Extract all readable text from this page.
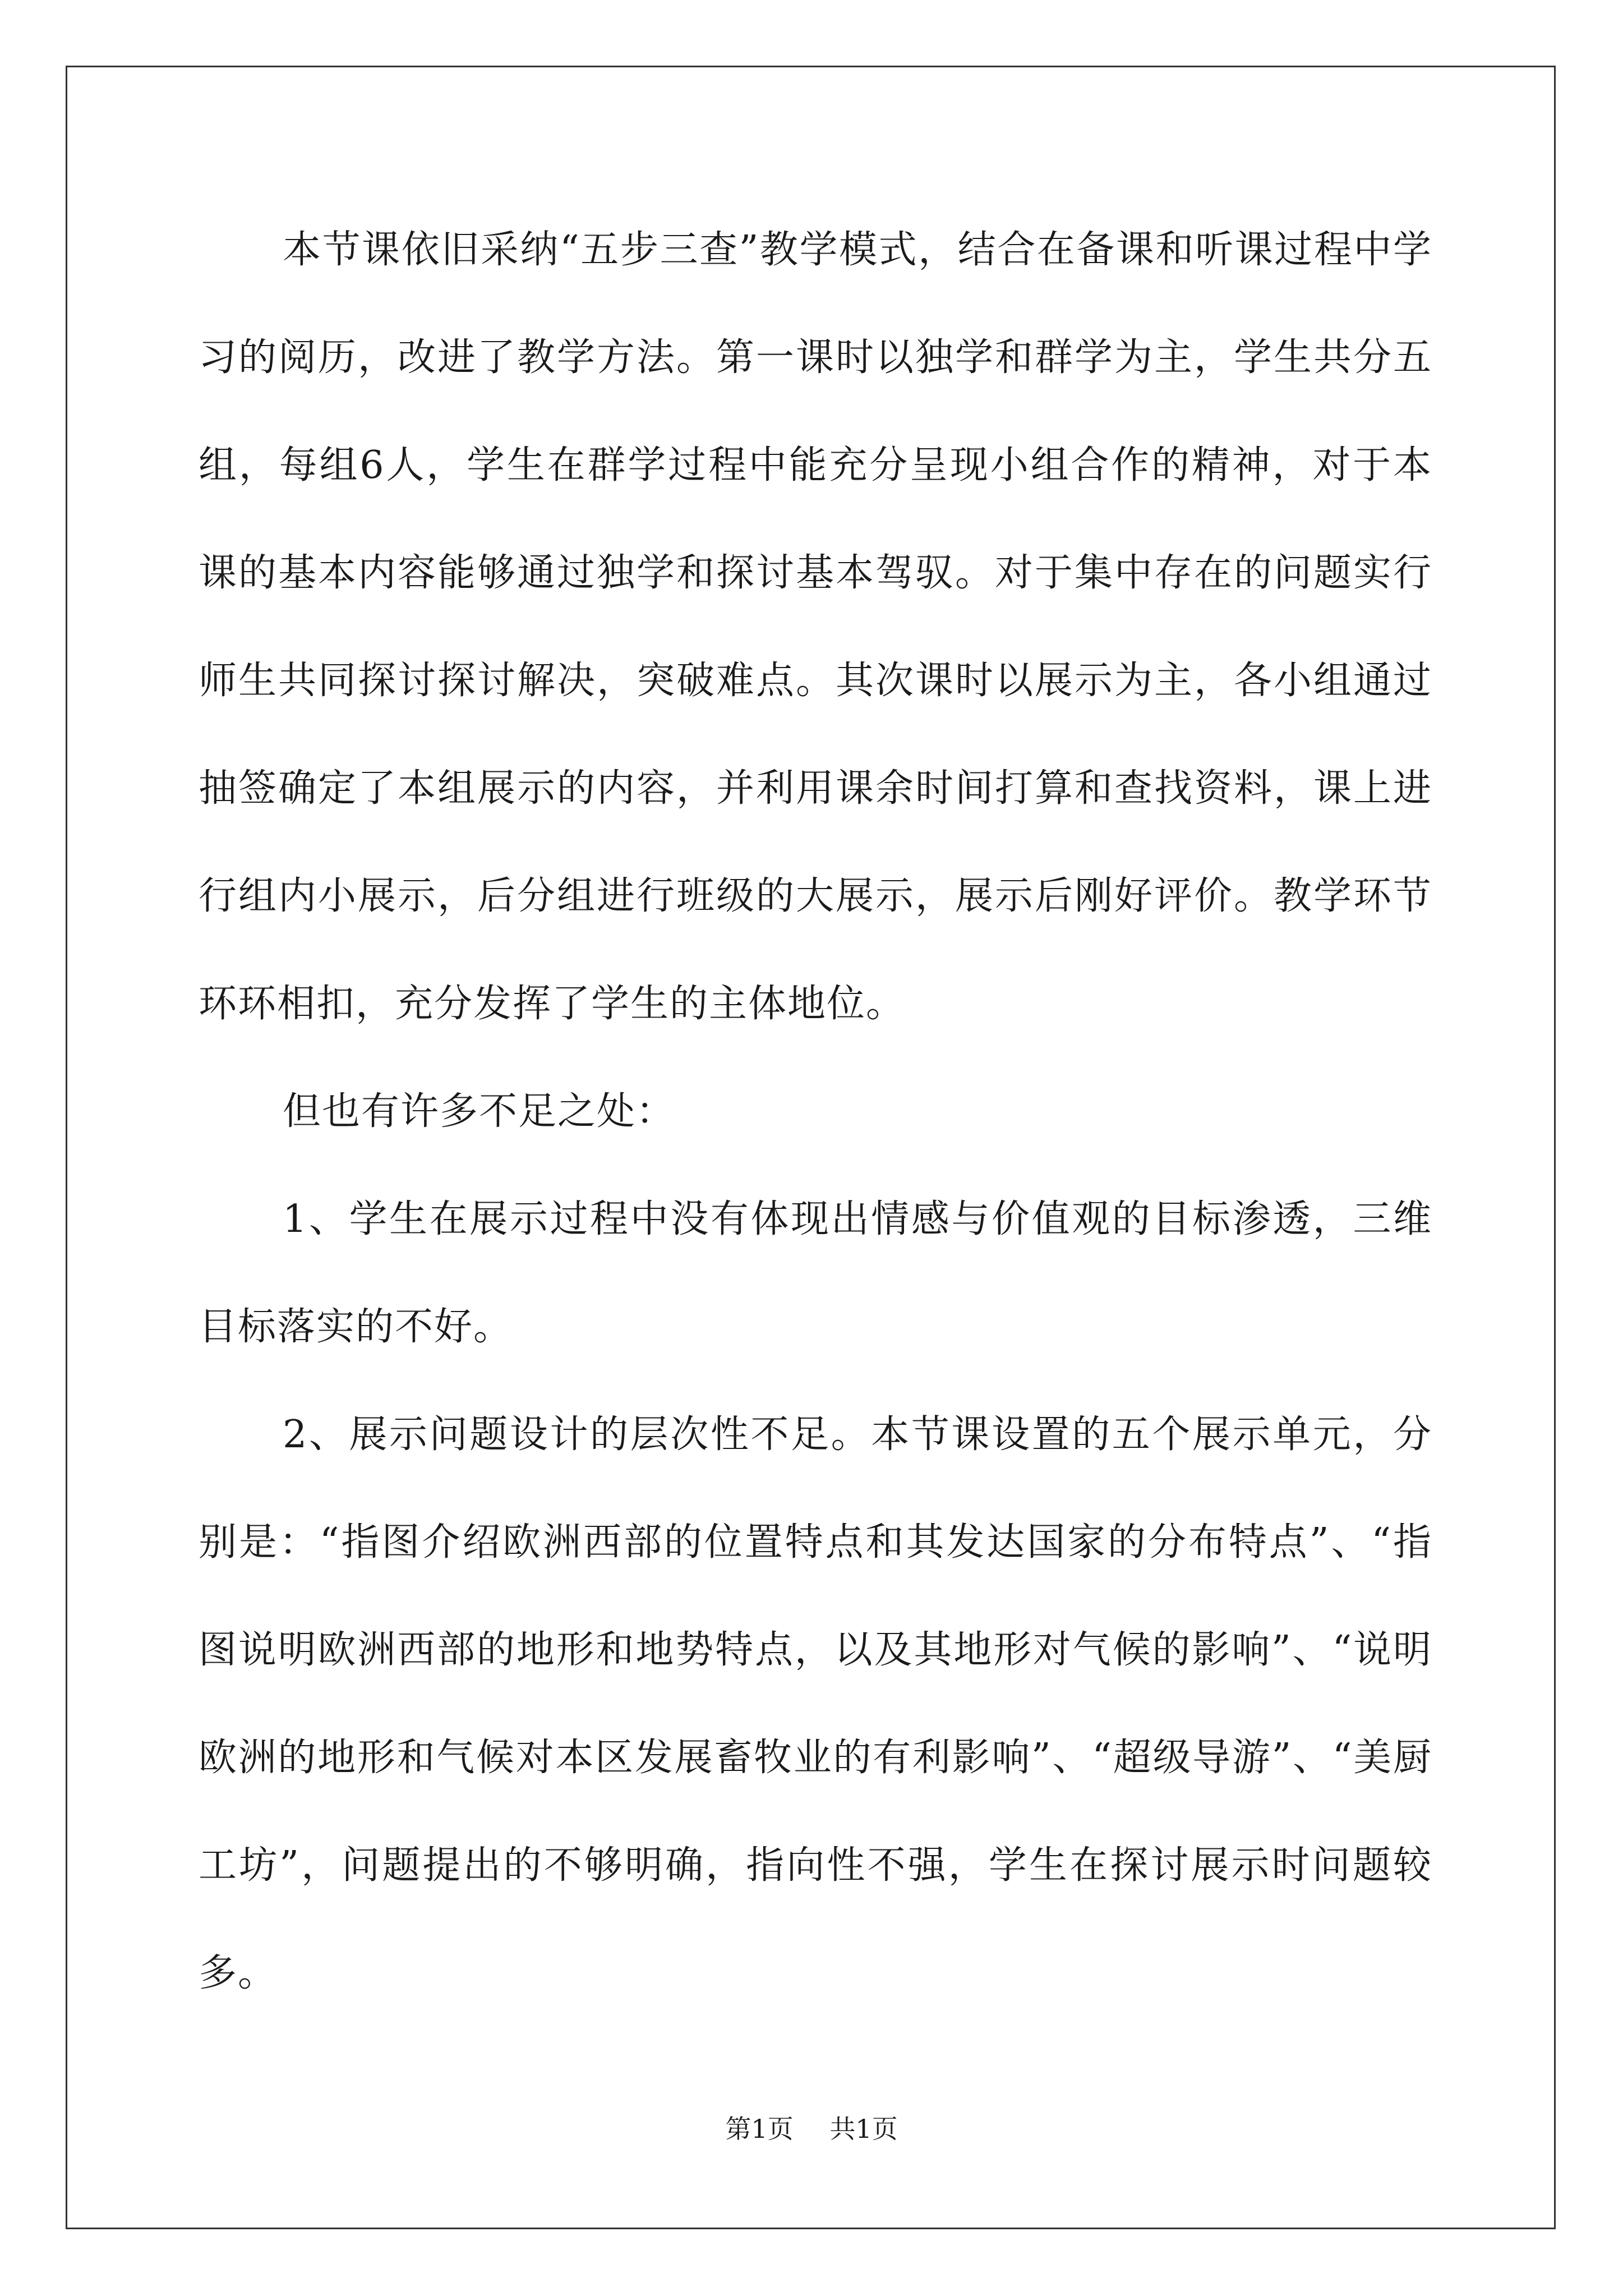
本节课依旧采纳“五步三查”教学模式，结合在备课和听课过程中学习的阅历，改进了教学方法。第一课时以独学和群学为主，学生共分五组，每组6人，学生在群学过程中能充分呈现小组合作的精神，对于本课的基本内容能够通过独学和探讨基本驾驭。对于集中存在的问题实行师生共同探讨探讨解决，突破难点。其次课时以展示为主，各小组通过抽签确定了本组展示的内容，并利用课余时间打算和查找资料，课上进行组内小展示，后分组进行班级的大展示，展示后刚好评价。教学环节环环相扣，充分发挥了学生的主体地位。

但也有许多不足之处：

1、学生在展示过程中没有体现出情感与价值观的目标渗透，三维目标落实的不好。

2、展示问题设计的层次性不足。本节课设置的五个展示单元，分别是：“指图介绍欧洲西部的位置特点和其发达国家的分布特点”、“指图说明欧洲西部的地形和地势特点，以及其地形对气候的影响”、“说明欧洲的地形和气候对本区发展畜牧业的有利影响”、“超级导游”、“美厨工坊”，问题提出的不够明确，指向性不强，学生在探讨展示时问题较多。

第1页 共1页
